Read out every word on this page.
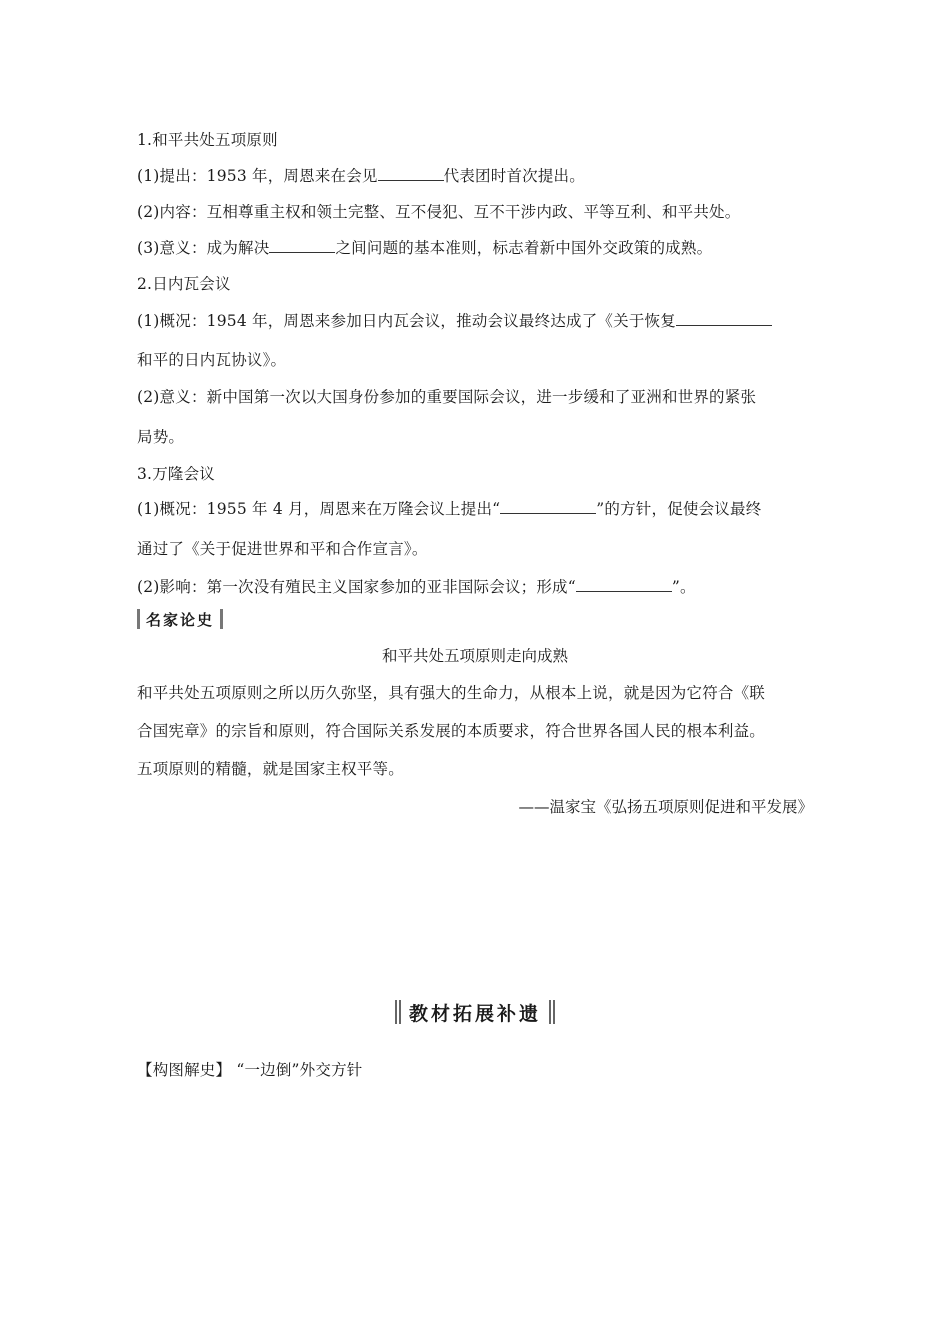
1.和平共处五项原则
(1)提出：1953 年，周恩来在会见	代表团时首次提出。
(2)内容：互相尊重主权和领土完整、互不侵犯、互不干涉内政、平等互利、和平共处。
(3)意义：成为解决	之间问题的基本准则，标志着新中国外交政策的成熟。
2.日内瓦会议
(1)概况：1954 年，周恩来参加日内瓦会议，推动会议最终达成了《关于恢复
和平的日内瓦协议》。
(2)意义：新中国第一次以大国身份参加的重要国际会议，进一步缓和了亚洲和世界的紧张
局势。
3.万隆会议
(1)概况：1955 年 4 月，周恩来在万隆会议上提出“	”的方针，促使会议最终
通过了《关于促进世界和平和合作宣言》。
(2)影响：第一次没有殖民主义国家参加的亚非国际会议；形成“	”。
名家论史
和平共处五项原则走向成熟
和平共处五项原则之所以历久弥坚，具有强大的生命力，从根本上说，就是因为它符合《联
合国宪章》的宗旨和原则，符合国际关系发展的本质要求，符合世界各国人民的根本利益。
五项原则的精髓，就是国家主权平等。
——温家宝《弘扬五项原则促进和平发展》
教材拓展补遗
【构图解史】 “一边倒”外交方针
